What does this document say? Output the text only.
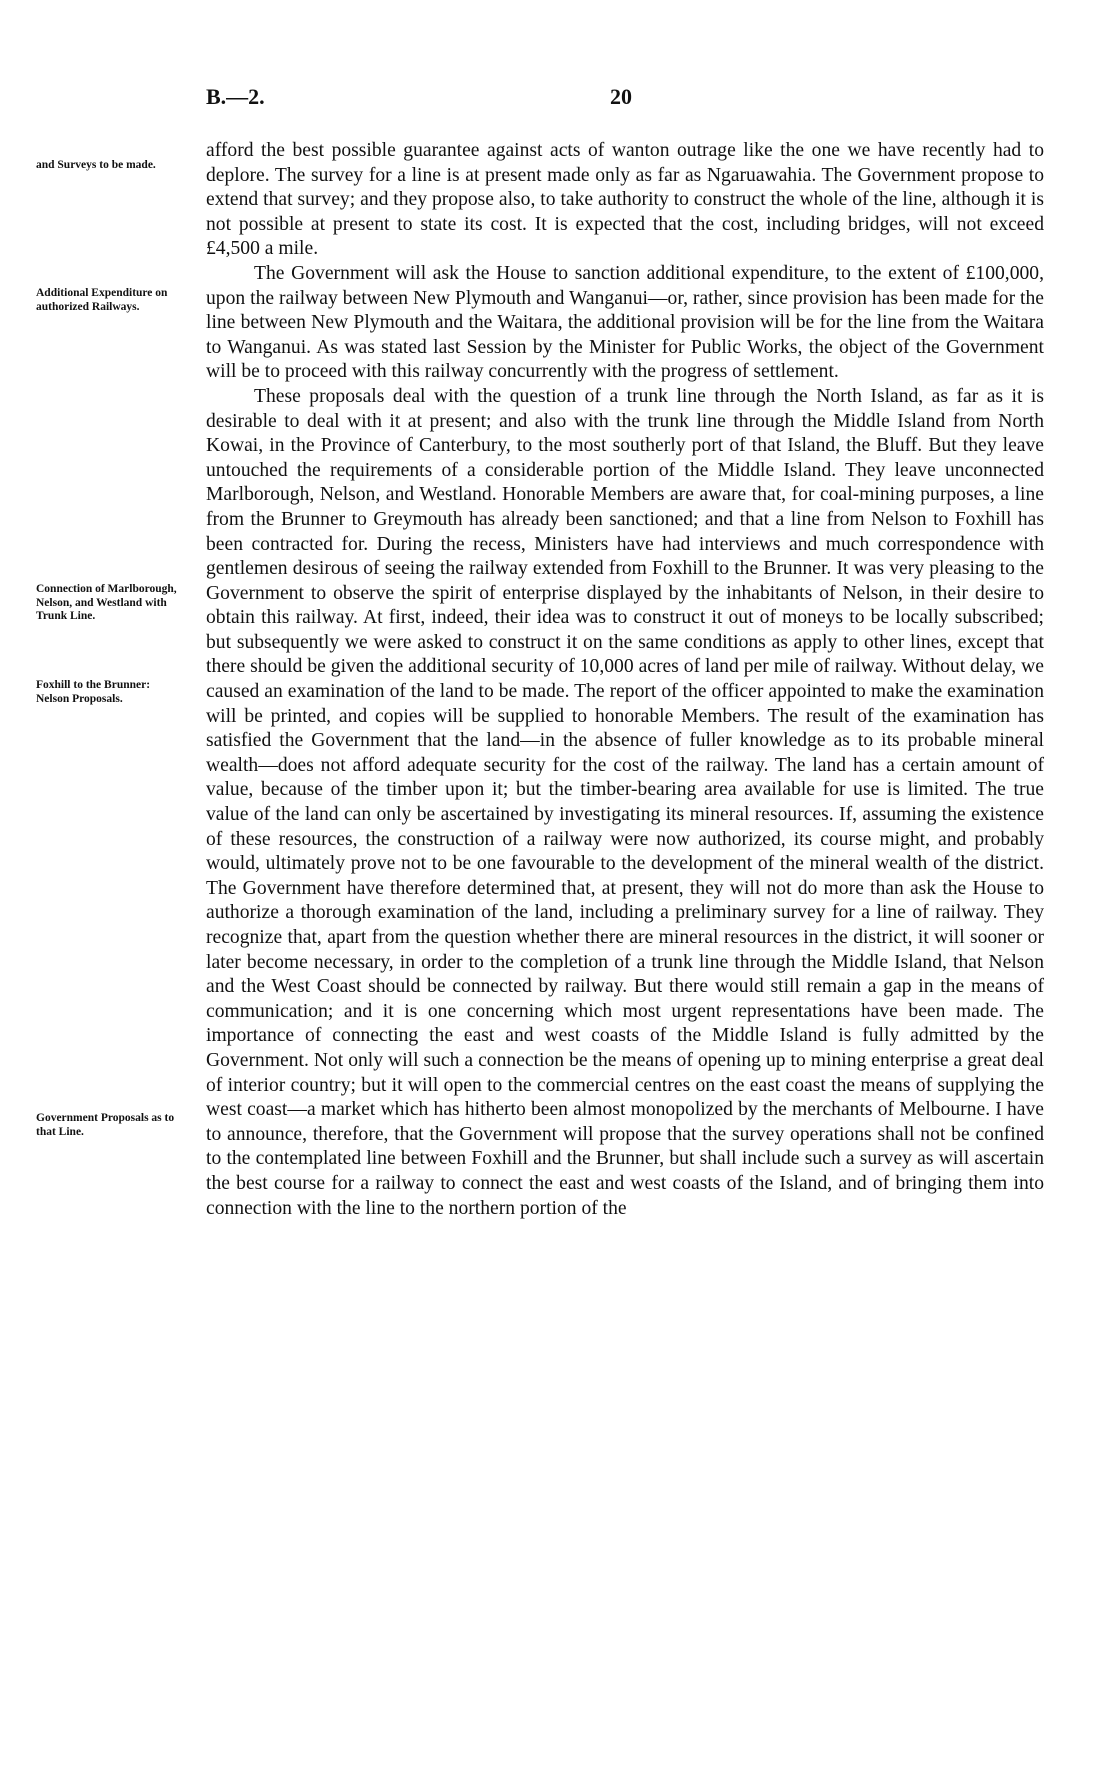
B.—2.	20
and Surveys to be made.
Additional Expenditure on authorized Railways.
Connection of Marlborough, Nelson, and Westland with Trunk Line.
Foxhill to the Brunner: Nelson Proposals.
Government Proposals as to that Line.

afford the best possible guarantee against acts of wanton outrage like the one we have recently had to deplore. The survey for a line is at present made only as far as Ngaruawahia. The Government propose to extend that survey; and they propose also, to take authority to construct the whole of the line, although it is not possible at present to state its cost. It is expected that the cost, including bridges, will not exceed £4,500 a mile.

The Government will ask the House to sanction additional expenditure, to the extent of £100,000, upon the railway between New Plymouth and Wanganui—or, rather, since provision has been made for the line between New Plymouth and the Waitara, the additional provision will be for the line from the Waitara to Wanganui. As was stated last Session by the Minister for Public Works, the object of the Government will be to proceed with this railway concurrently with the progress of settlement.

These proposals deal with the question of a trunk line through the North Island, as far as it is desirable to deal with it at present; and also with the trunk line through the Middle Island from North Kowai, in the Province of Canterbury, to the most southerly port of that Island, the Bluff. But they leave untouched the requirements of a considerable portion of the Middle Island. They leave unconnected Marlborough, Nelson, and Westland. Honorable Members are aware that, for coal-mining purposes, a line from the Brunner to Greymouth has already been sanctioned; and that a line from Nelson to Foxhill has been contracted for. During the recess, Ministers have had interviews and much correspondence with gentlemen desirous of seeing the railway extended from Foxhill to the Brunner. It was very pleasing to the Government to observe the spirit of enterprise displayed by the inhabitants of Nelson, in their desire to obtain this railway. At first, indeed, their idea was to construct it out of moneys to be locally subscribed; but subsequently we were asked to construct it on the same conditions as apply to other lines, except that there should be given the additional security of 10,000 acres of land per mile of railway. Without delay, we caused an examination of the land to be made. The report of the officer appointed to make the examination will be printed, and copies will be supplied to honorable Members. The result of the examination has satisfied the Government that the land—in the absence of fuller knowledge as to its probable mineral wealth—does not afford adequate security for the cost of the railway. The land has a certain amount of value, because of the timber upon it; but the timber-bearing area available for use is limited. The true value of the land can only be ascertained by investigating its mineral resources. If, assuming the existence of these resources, the construction of a railway were now authorized, its course might, and probably would, ultimately prove not to be one favourable to the development of the mineral wealth of the district. The Government have therefore determined that, at present, they will not do more than ask the House to authorize a thorough examination of the land, including a preliminary survey for a line of railway. They recognize that, apart from the question whether there are mineral resources in the district, it will sooner or later become necessary, in order to the completion of a trunk line through the Middle Island, that Nelson and the West Coast should be connected by railway. But there would still remain a gap in the means of communication; and it is one concerning which most urgent representations have been made. The importance of connecting the east and west coasts of the Middle Island is fully admitted by the Government. Not only will such a connection be the means of opening up to mining enterprise a great deal of interior country; but it will open to the commercial centres on the east coast the means of supplying the west coast—a market which has hitherto been almost monopolized by the merchants of Melbourne. I have to announce, therefore, that the Government will propose that the survey operations shall not be confined to the contemplated line between Foxhill and the Brunner, but shall include such a survey as will ascertain the best course for a railway to connect the east and west coasts of the Island, and of bringing them into connection with the line to the northern portion of the
